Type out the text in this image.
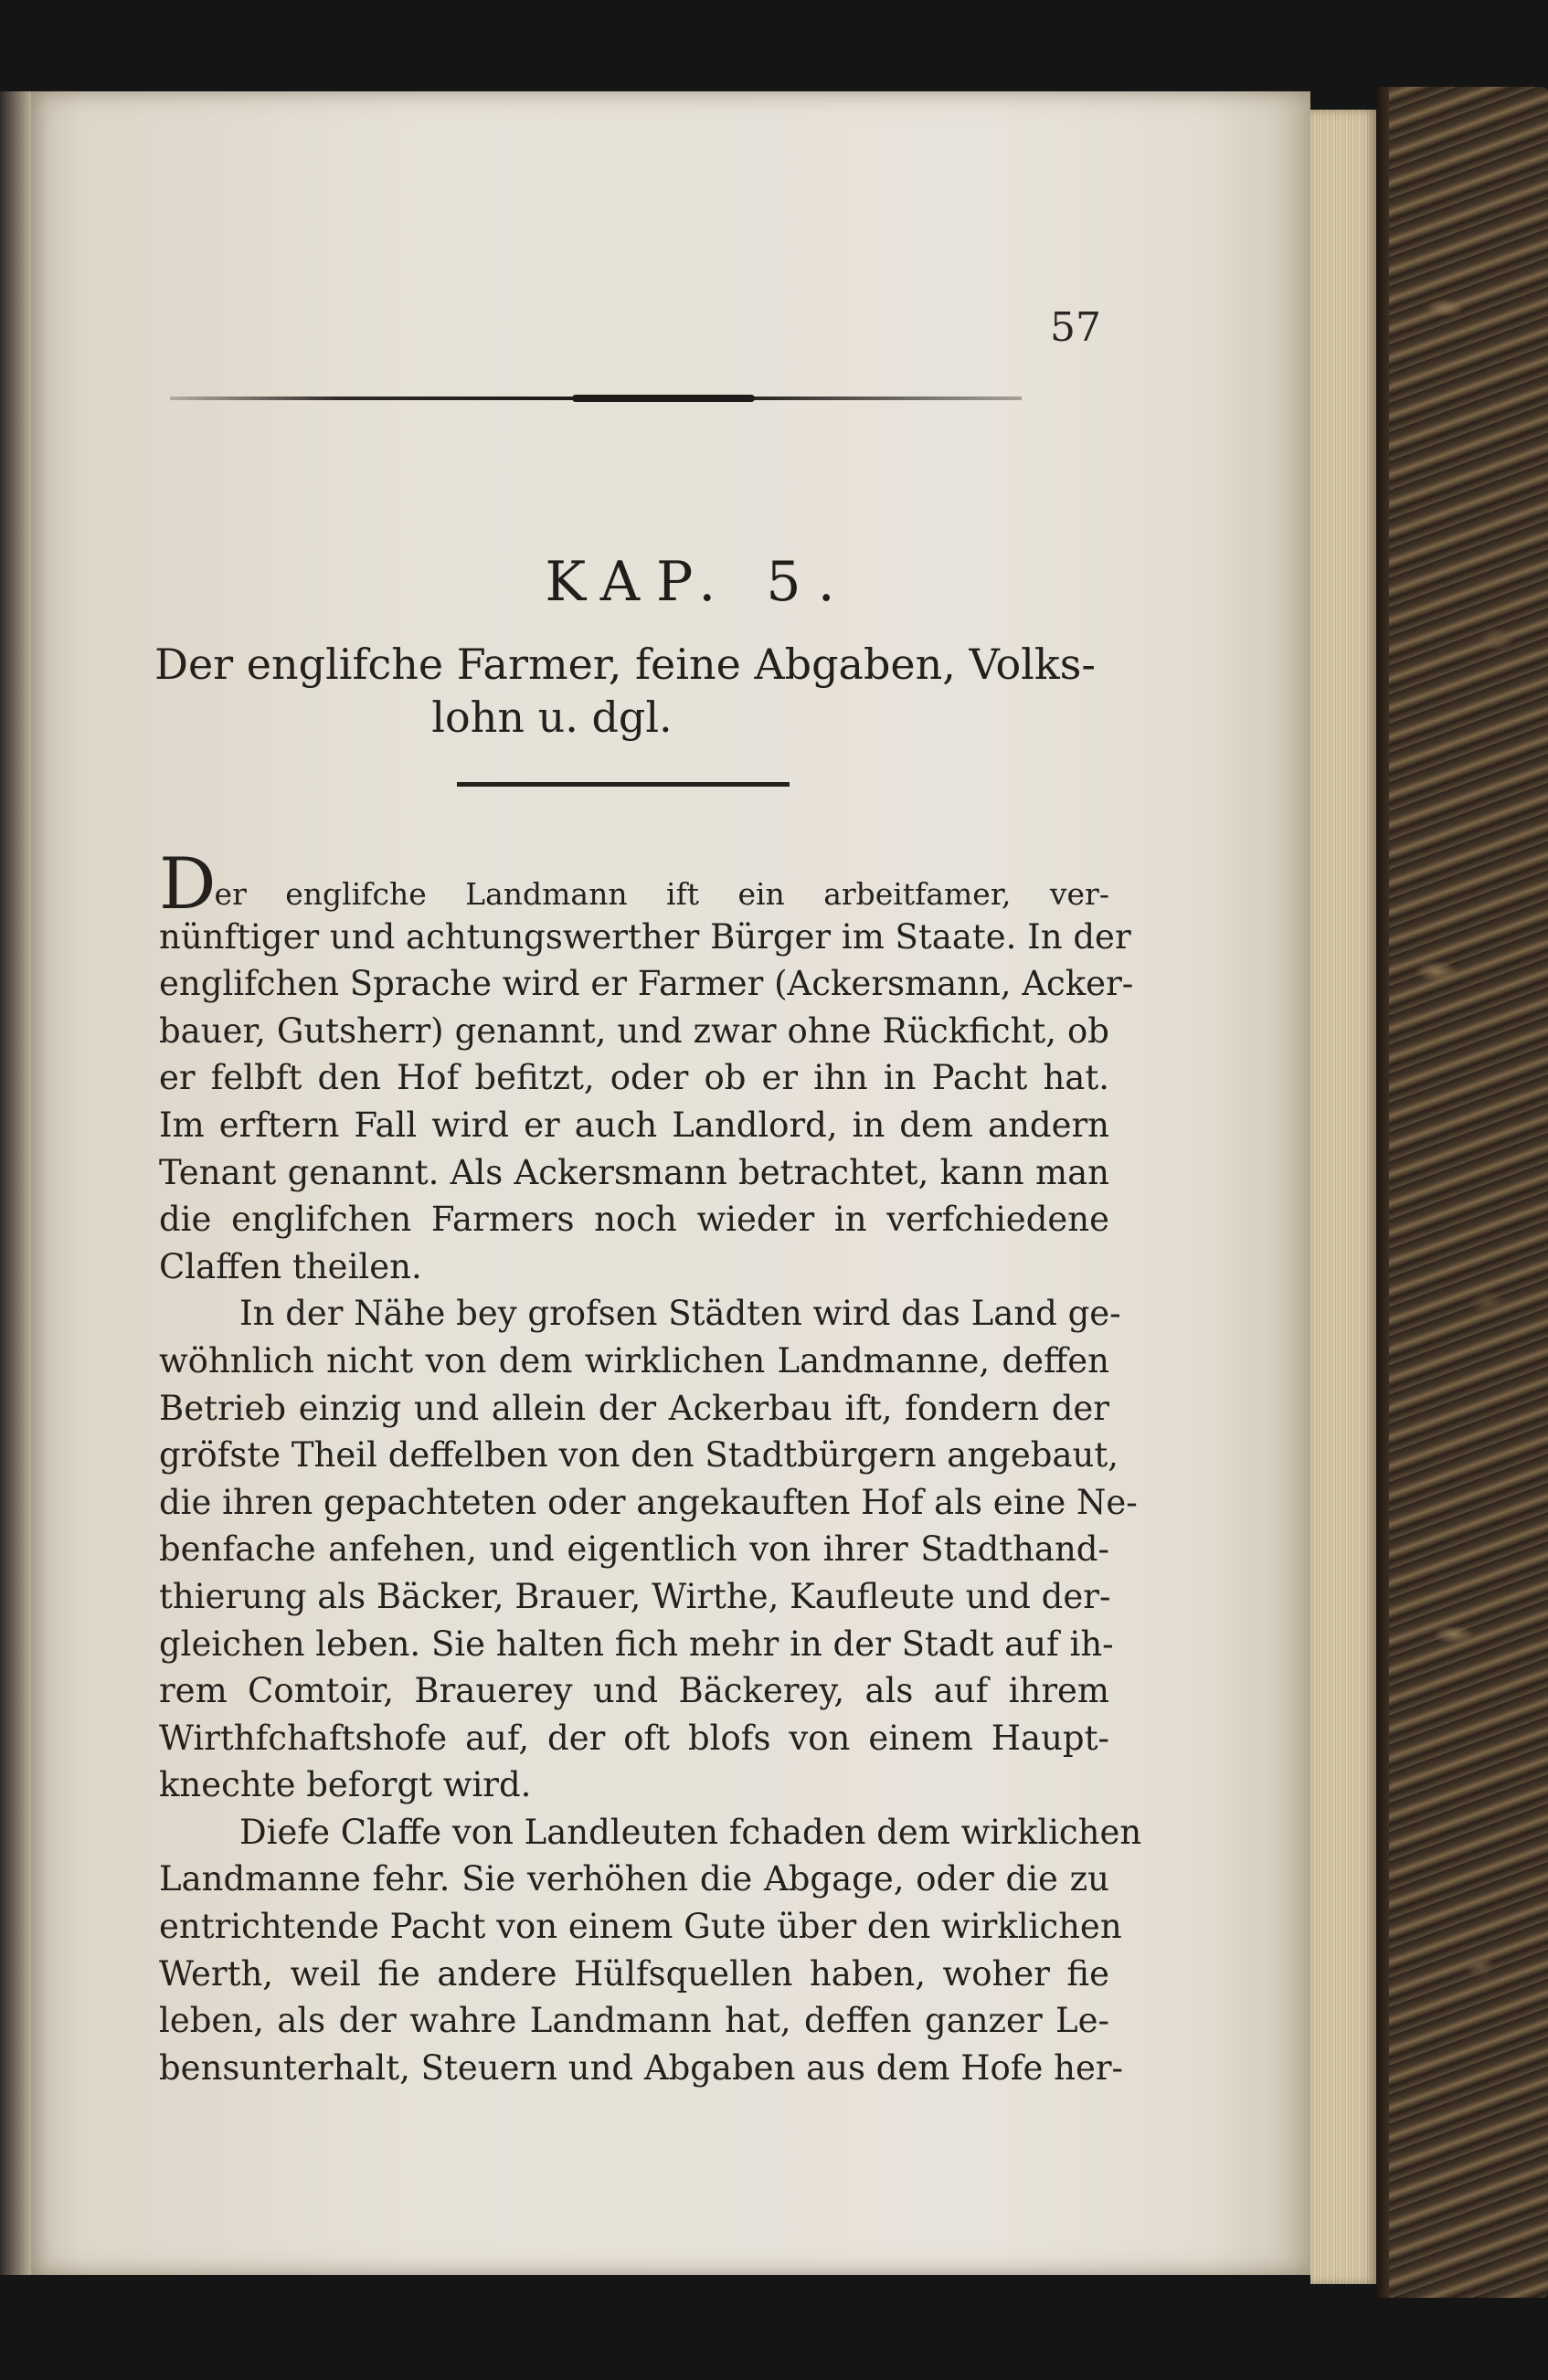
57
KAP. 5.
Der englifche Farmer, feine Abgaben, Volks-
lohn u. dgl.
Der englifche Landmann ift ein arbeitfamer, ver-
nünftiger und achtungswerther Bürger im Staate. In der
englifchen Sprache wird er Farmer (Ackersmann, Acker-
bauer, Gutsherr) genannt, und zwar ohne Rückficht, ob
er felbft den Hof befitzt, oder ob er ihn in Pacht hat.
Im erftern Fall wird er auch Landlord, in dem andern
Tenant genannt. Als Ackersmann betrachtet, kann man
die englifchen Farmers noch wieder in verfchiedene
Claffen theilen.
In der Nähe bey grofsen Städten wird das Land ge-
wöhnlich nicht von dem wirklichen Landmanne, deffen
Betrieb einzig und allein der Ackerbau ift, fondern der
gröfste Theil deffelben von den Stadtbürgern angebaut,
die ihren gepachteten oder angekauften Hof als eine Ne-
benfache anfehen, und eigentlich von ihrer Stadthand-
thierung als Bäcker, Brauer, Wirthe, Kaufleute und der-
gleichen leben. Sie halten fich mehr in der Stadt auf ih-
rem Comtoir, Brauerey und Bäckerey, als auf ihrem
Wirthfchaftshofe auf, der oft blofs von einem Haupt-
knechte beforgt wird.
Diefe Claffe von Landleuten fchaden dem wirklichen
Landmanne fehr. Sie verhöhen die Abgage, oder die zu
entrichtende Pacht von einem Gute über den wirklichen
Werth, weil fie andere Hülfsquellen haben, woher fie
leben, als der wahre Landmann hat, deffen ganzer Le-
bensunterhalt, Steuern und Abgaben aus dem Hofe her-
